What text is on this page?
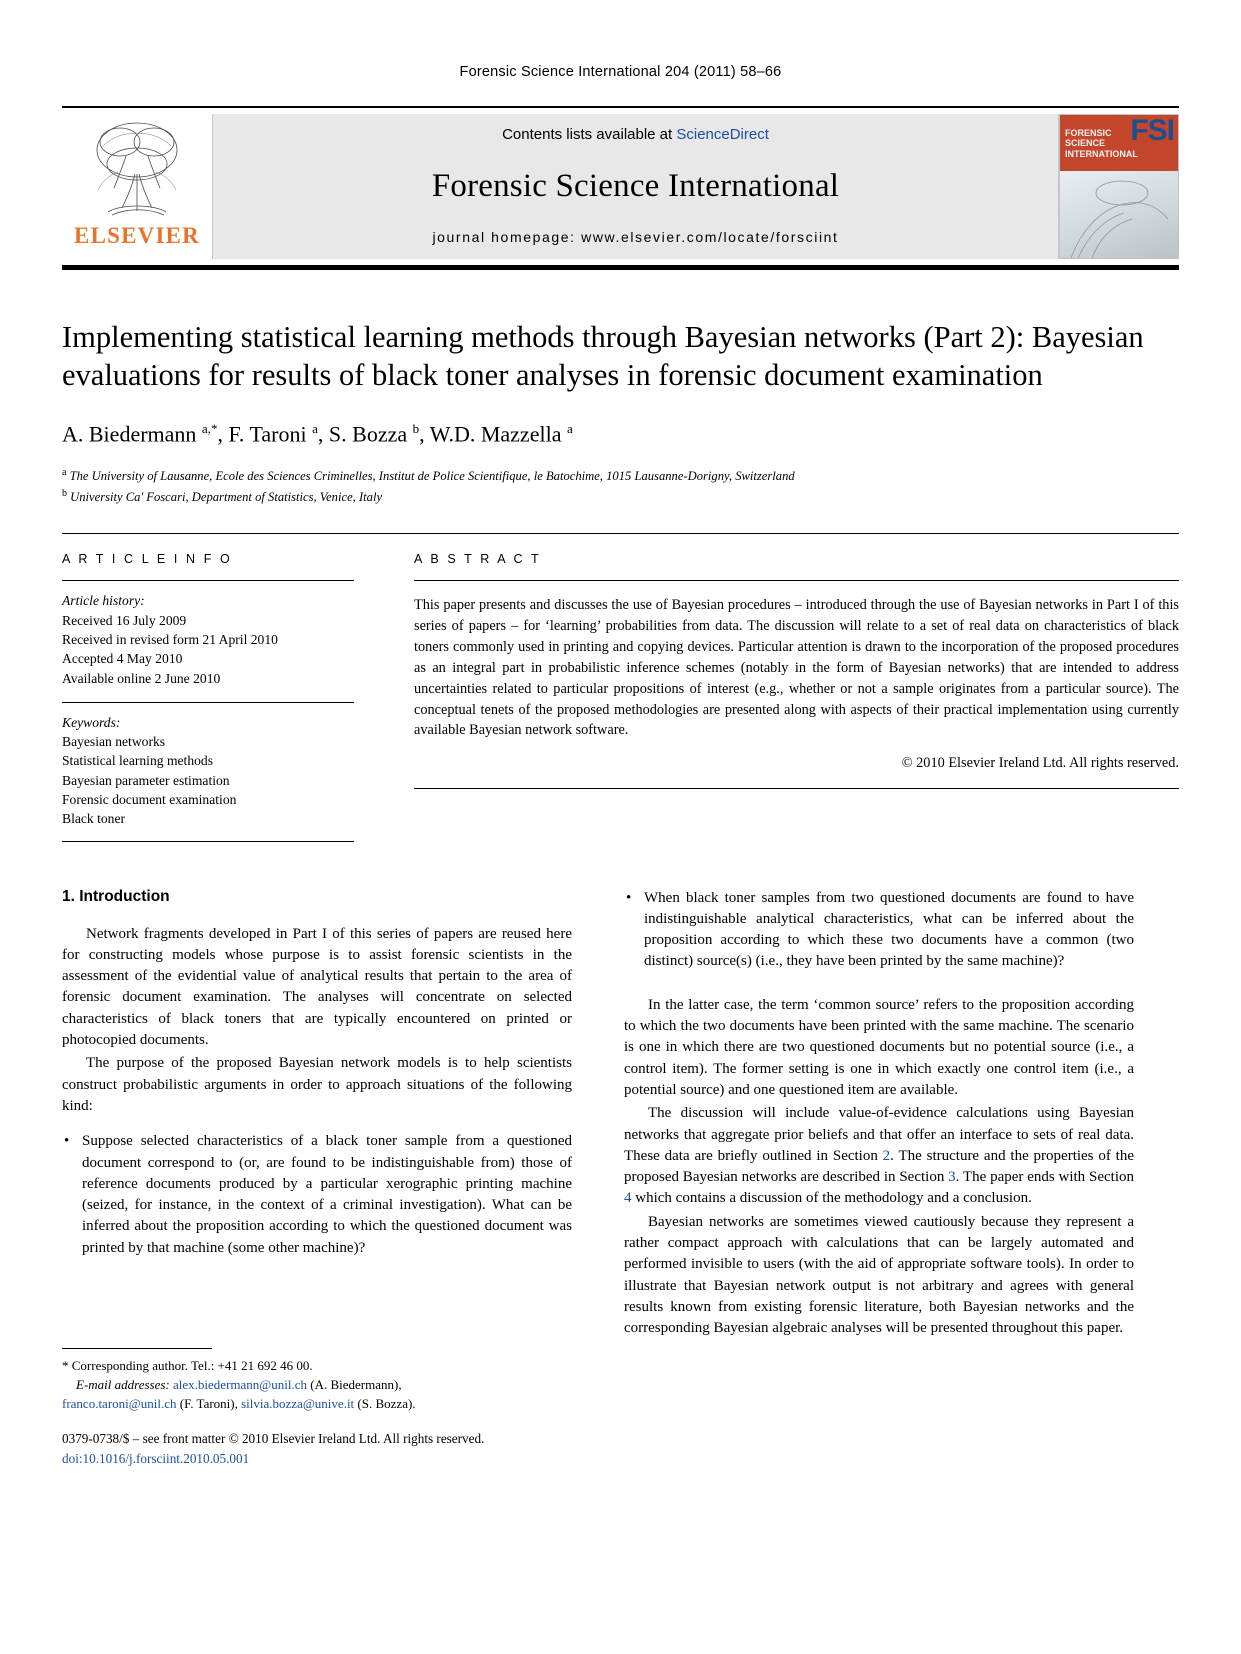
Forensic Science International 204 (2011) 58–66
ELSEVIER
Contents lists available at ScienceDirect
Forensic Science International
journal homepage: www.elsevier.com/locate/forsciint
FORENSIC
SCIENCE
INTERNATIONAL
FSI
Implementing statistical learning methods through Bayesian networks (Part 2): Bayesian evaluations for results of black toner analyses in forensic document examination
A. Biedermann $^{a,*}$, F. Taroni $^a$, S. Bozza $^b$, W.D. Mazzella $^a$
$^a$ The University of Lausanne, Ecole des Sciences Criminelles, Institut de Police Scientifique, le Batochime, 1015 Lausanne-Dorigny, Switzerland
$^b$ University Ca' Foscari, Department of Statistics, Venice, Italy
A R T I C L E I N F O
Article history:
Received 16 July 2009
Received in revised form 21 April 2010
Accepted 4 May 2010
Available online 2 June 2010
Keywords:
Bayesian networks
Statistical learning methods
Bayesian parameter estimation
Forensic document examination
Black toner
A B S T R A C T
This paper presents and discusses the use of Bayesian procedures – introduced through the use of Bayesian networks in Part I of this series of papers – for ‘learning’ probabilities from data. The discussion will relate to a set of real data on characteristics of black toners commonly used in printing and copying devices. Particular attention is drawn to the incorporation of the proposed procedures as an integral part in probabilistic inference schemes (notably in the form of Bayesian networks) that are intended to address uncertainties related to particular propositions of interest (e.g., whether or not a sample originates from a particular source). The conceptual tenets of the proposed methodologies are presented along with aspects of their practical implementation using currently available Bayesian network software.
© 2010 Elsevier Ireland Ltd. All rights reserved.
1. Introduction

Network fragments developed in Part I of this series of papers are reused here for constructing models whose purpose is to assist forensic scientists in the assessment of the evidential value of analytical results that pertain to the area of forensic document examination. The analyses will concentrate on selected characteristics of black toners that are typically encountered on printed or photocopied documents.

The purpose of the proposed Bayesian network models is to help scientists construct probabilistic arguments in order to approach situations of the following kind:

• Suppose selected characteristics of a black toner sample from a questioned document correspond to (or, are found to be indistinguishable from) those of reference documents produced by a particular xerographic printing machine (seized, for instance, in the context of a criminal investigation). What can be inferred about the proposition according to which the questioned document was printed by that machine (some other machine)?
* Corresponding author. Tel.: +41 21 692 46 00.
E-mail addresses: alex.biedermann@unil.ch (A. Biedermann),
franco.taroni@unil.ch (F. Taroni), silvia.bozza@unive.it (S. Bozza).
0379-0738/$ – see front matter © 2010 Elsevier Ireland Ltd. All rights reserved.
doi:10.1016/j.forsciint.2010.05.001
• When black toner samples from two questioned documents are found to have indistinguishable analytical characteristics, what can be inferred about the proposition according to which these two documents have a common (two distinct) source(s) (i.e., they have been printed by the same machine)?

In the latter case, the term ‘common source’ refers to the proposition according to which the two documents have been printed with the same machine. The scenario is one in which there are two questioned documents but no potential source (i.e., a control item). The former setting is one in which exactly one control item (i.e., a potential source) and one questioned item are available.

The discussion will include value-of-evidence calculations using Bayesian networks that aggregate prior beliefs and that offer an interface to sets of real data. These data are briefly outlined in Section 2. The structure and the properties of the proposed Bayesian networks are described in Section 3. The paper ends with Section 4 which contains a discussion of the methodology and a conclusion.

Bayesian networks are sometimes viewed cautiously because they represent a rather compact approach with calculations that can be largely automated and performed invisible to users (with the aid of appropriate software tools). In order to illustrate that Bayesian network output is not arbitrary and agrees with general results known from existing forensic literature, both Bayesian networks and the corresponding Bayesian algebraic analyses will be presented throughout this paper.
